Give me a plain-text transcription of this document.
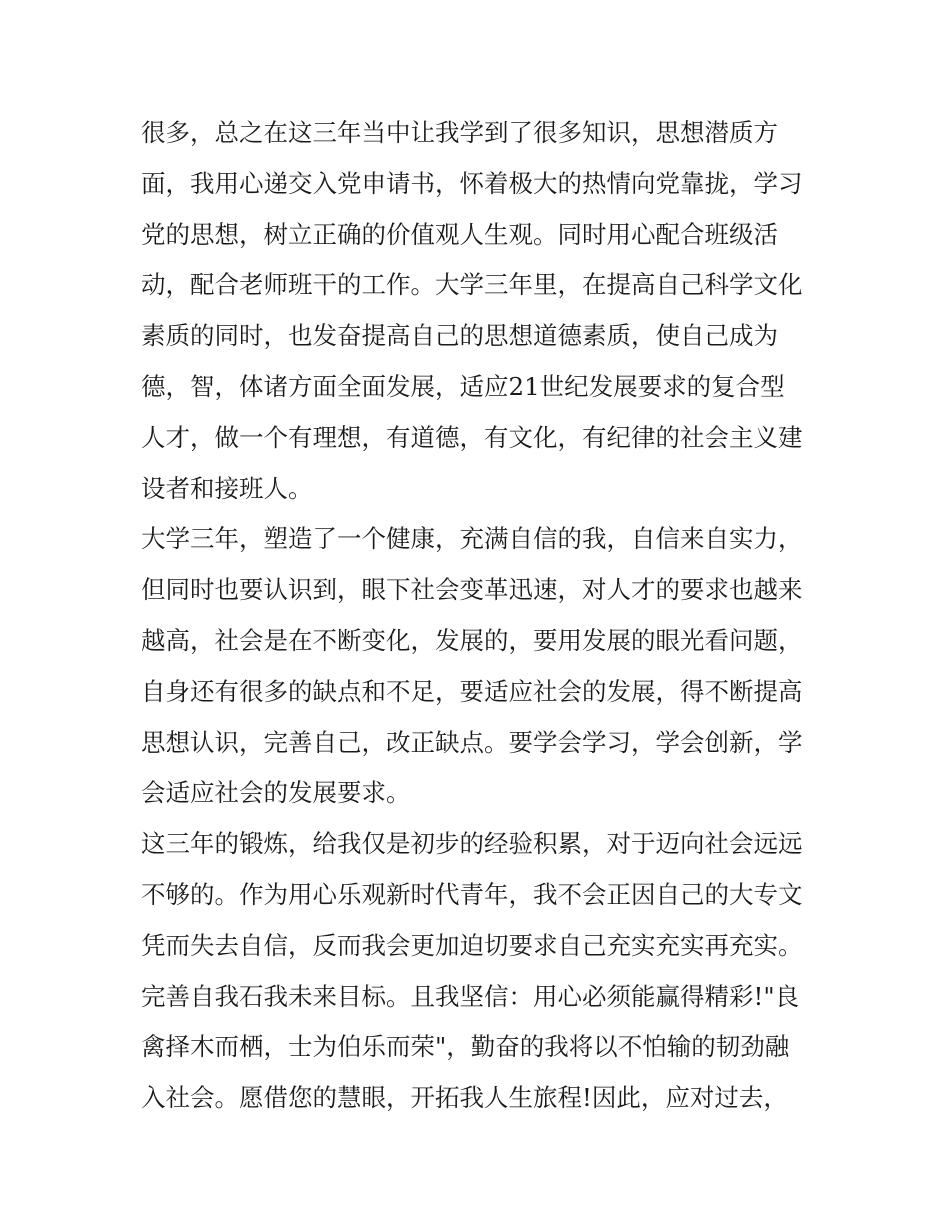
很多，总之在这三年当中让我学到了很多知识，思想潜质方
面，我用心递交入党申请书，怀着极大的热情向党靠拢，学习
党的思想，树立正确的价值观人生观。同时用心配合班级活
动，配合老师班干的工作。大学三年里，在提高自己科学文化
素质的同时，也发奋提高自己的思想道德素质，使自己成为
德，智，体诸方面全面发展，适应21世纪发展要求的复合型
人才，做一个有理想，有道德，有文化，有纪律的社会主义建
设者和接班人。
大学三年，塑造了一个健康，充满自信的我，自信来自实力，
但同时也要认识到，眼下社会变革迅速，对人才的要求也越来
越高，社会是在不断变化，发展的，要用发展的眼光看问题，
自身还有很多的缺点和不足，要适应社会的发展，得不断提高
思想认识，完善自己，改正缺点。要学会学习，学会创新，学
会适应社会的发展要求。
这三年的锻炼，给我仅是初步的经验积累，对于迈向社会远远
不够的。作为用心乐观新时代青年，我不会正因自己的大专文
凭而失去自信，反而我会更加迫切要求自己充实充实再充实。
完善自我石我未来目标。且我坚信：用心必须能赢得精彩!"良
禽择木而栖，士为伯乐而荣"，勤奋的我将以不怕输的韧劲融
入社会。愿借您的慧眼，开拓我人生旅程!因此，应对过去，
